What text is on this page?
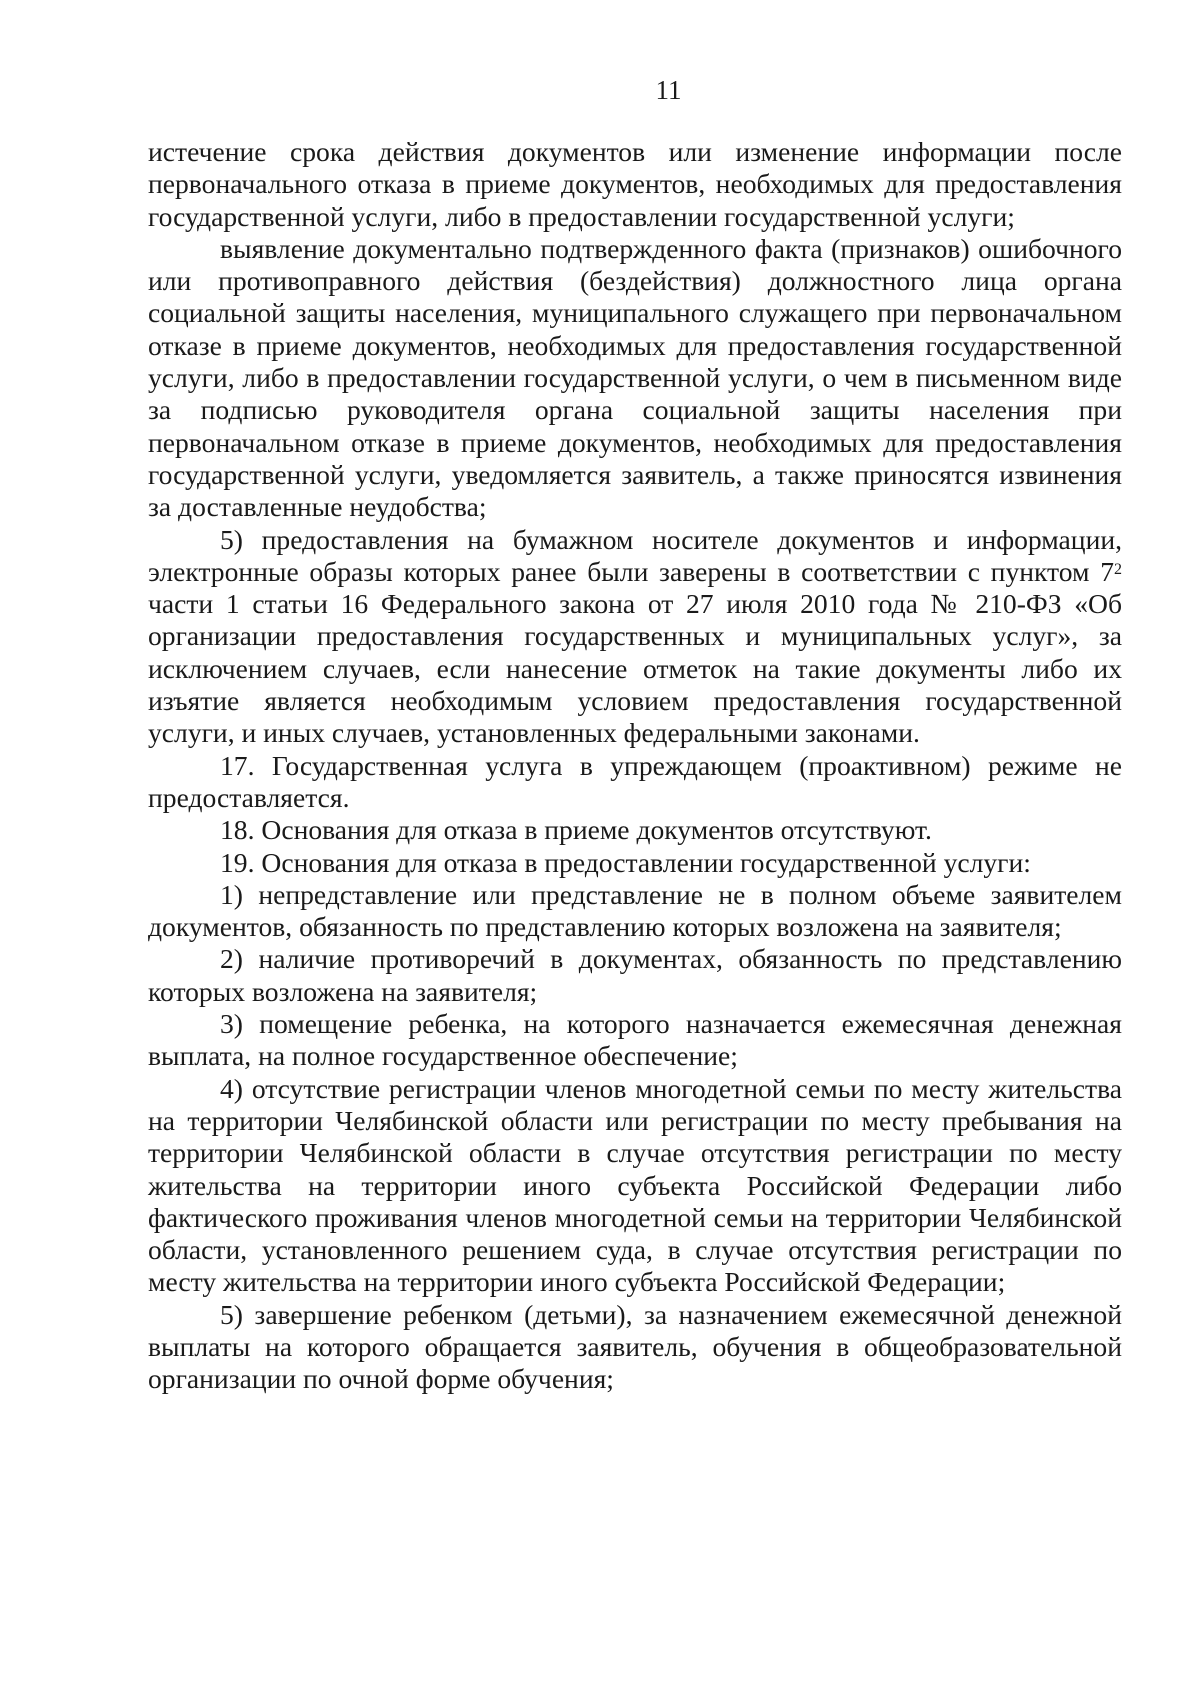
11

истечение срока действия документов или изменение информации после первоначального отказа в приеме документов, необходимых для предоставления государственной услуги, либо в предоставлении государственной услуги;

выявление документально подтвержденного факта (признаков) ошибочного или противоправного действия (бездействия) должностного лица органа социальной защиты населения, муниципального служащего при первоначальном отказе в приеме документов, необходимых для предоставления государственной услуги, либо в предоставлении государственной услуги, о чем в письменном виде за подписью руководителя органа социальной защиты населения при первоначальном отказе в приеме документов, необходимых для предоставления государственной услуги, уведомляется заявитель, а также приносятся извинения за доставленные неудобства;

5) предоставления на бумажном носителе документов и информации, электронные образы которых ранее были заверены в соответствии с пунктом $7^2$ части 1 статьи 16 Федерального закона от 27 июля 2010 года № 210-ФЗ «Об организации предоставления государственных и муниципальных услуг», за исключением случаев, если нанесение отметок на такие документы либо их изъятие является необходимым условием предоставления государственной услуги, и иных случаев, установленных федеральными законами.

17. Государственная услуга в упреждающем (проактивном) режиме не предоставляется.

18. Основания для отказа в приеме документов отсутствуют.

19. Основания для отказа в предоставлении государственной услуги:

1) непредставление или представление не в полном объеме заявителем документов, обязанность по представлению которых возложена на заявителя;

2) наличие противоречий в документах, обязанность по представлению которых возложена на заявителя;

3) помещение ребенка, на которого назначается ежемесячная денежная выплата, на полное государственное обеспечение;

4) отсутствие регистрации членов многодетной семьи по месту жительства на территории Челябинской области или регистрации по месту пребывания на территории Челябинской области в случае отсутствия регистрации по месту жительства на территории иного субъекта Российской Федерации либо фактического проживания членов многодетной семьи на территории Челябинской области, установленного решением суда, в случае отсутствия регистрации по месту жительства на территории иного субъекта Российской Федерации;

5) завершение ребенком (детьми), за назначением ежемесячной денежной выплаты на которого обращается заявитель, обучения в общеобразовательной организации по очной форме обучения;
